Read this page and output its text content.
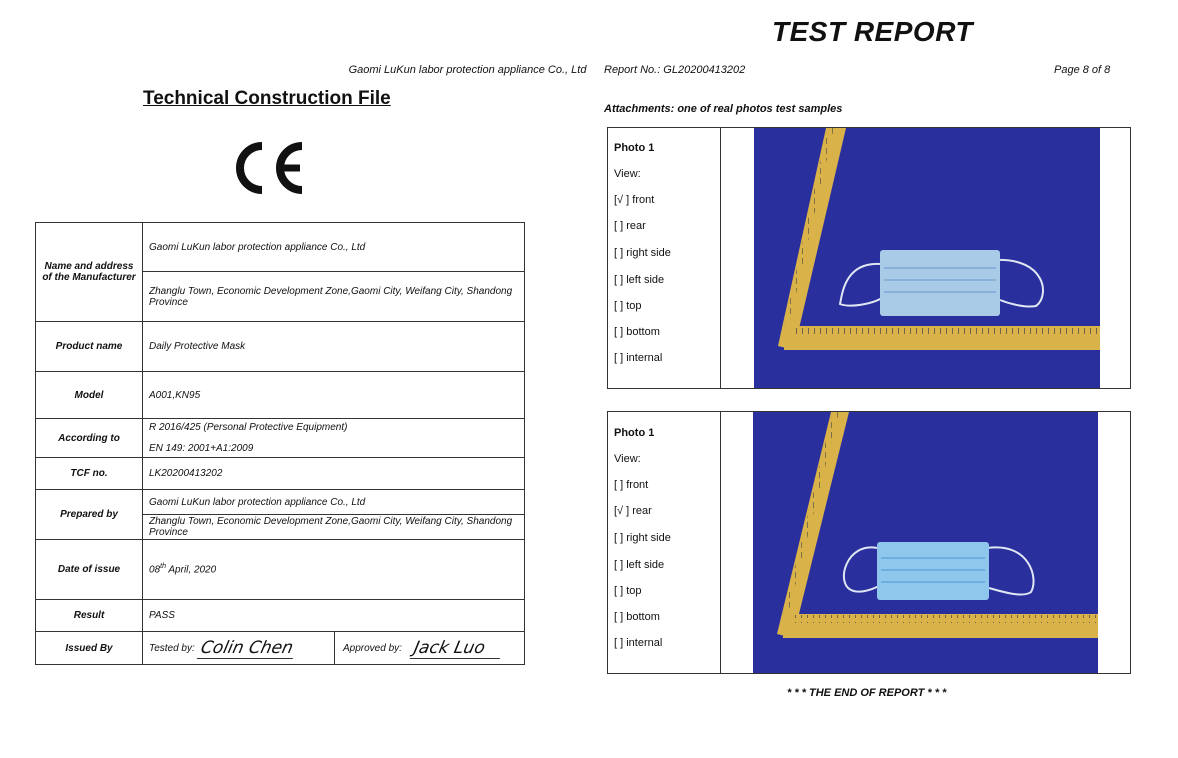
Gaomi LuKun labor protection appliance Co., Ltd
Technical Construction File
Name and address of the Manufacturer	Gaomi LuKun labor protection appliance Co., Ltd
	Zhanglu Town, Economic Development Zone,Gaomi City, Weifang City, Shandong Province
Product name	Daily Protective Mask
Model	A001,KN95
According to	R 2016/425 (Personal Protective Equipment)
EN 149: 2001+A1:2009

TCF no.	LK20200413202
Prepared by	Gaomi LuKun labor protection appliance Co., Ltd
	Zhanglu Town, Economic Development Zone,Gaomi City, Weifang City, Shandong Province
Date of issue	08th April, 2020
Result	PASS
Issued By	Tested by: Colin Chen Approved by: Jack Luo
TEST REPORT
Report No.: GL20200413202	Page 8 of 8
Attachments: one of real photos test samples
Photo 1
View:
[√ ] front
[ ] rear
[ ] right side
[ ] left side
[ ] top
[ ] bottom
[ ] internal
Photo 1
View:
[ ] front
[√ ] rear
[ ] right side
[ ] left side
[ ] top
[ ] bottom
[ ] internal
* * * THE END OF REPORT * * *
